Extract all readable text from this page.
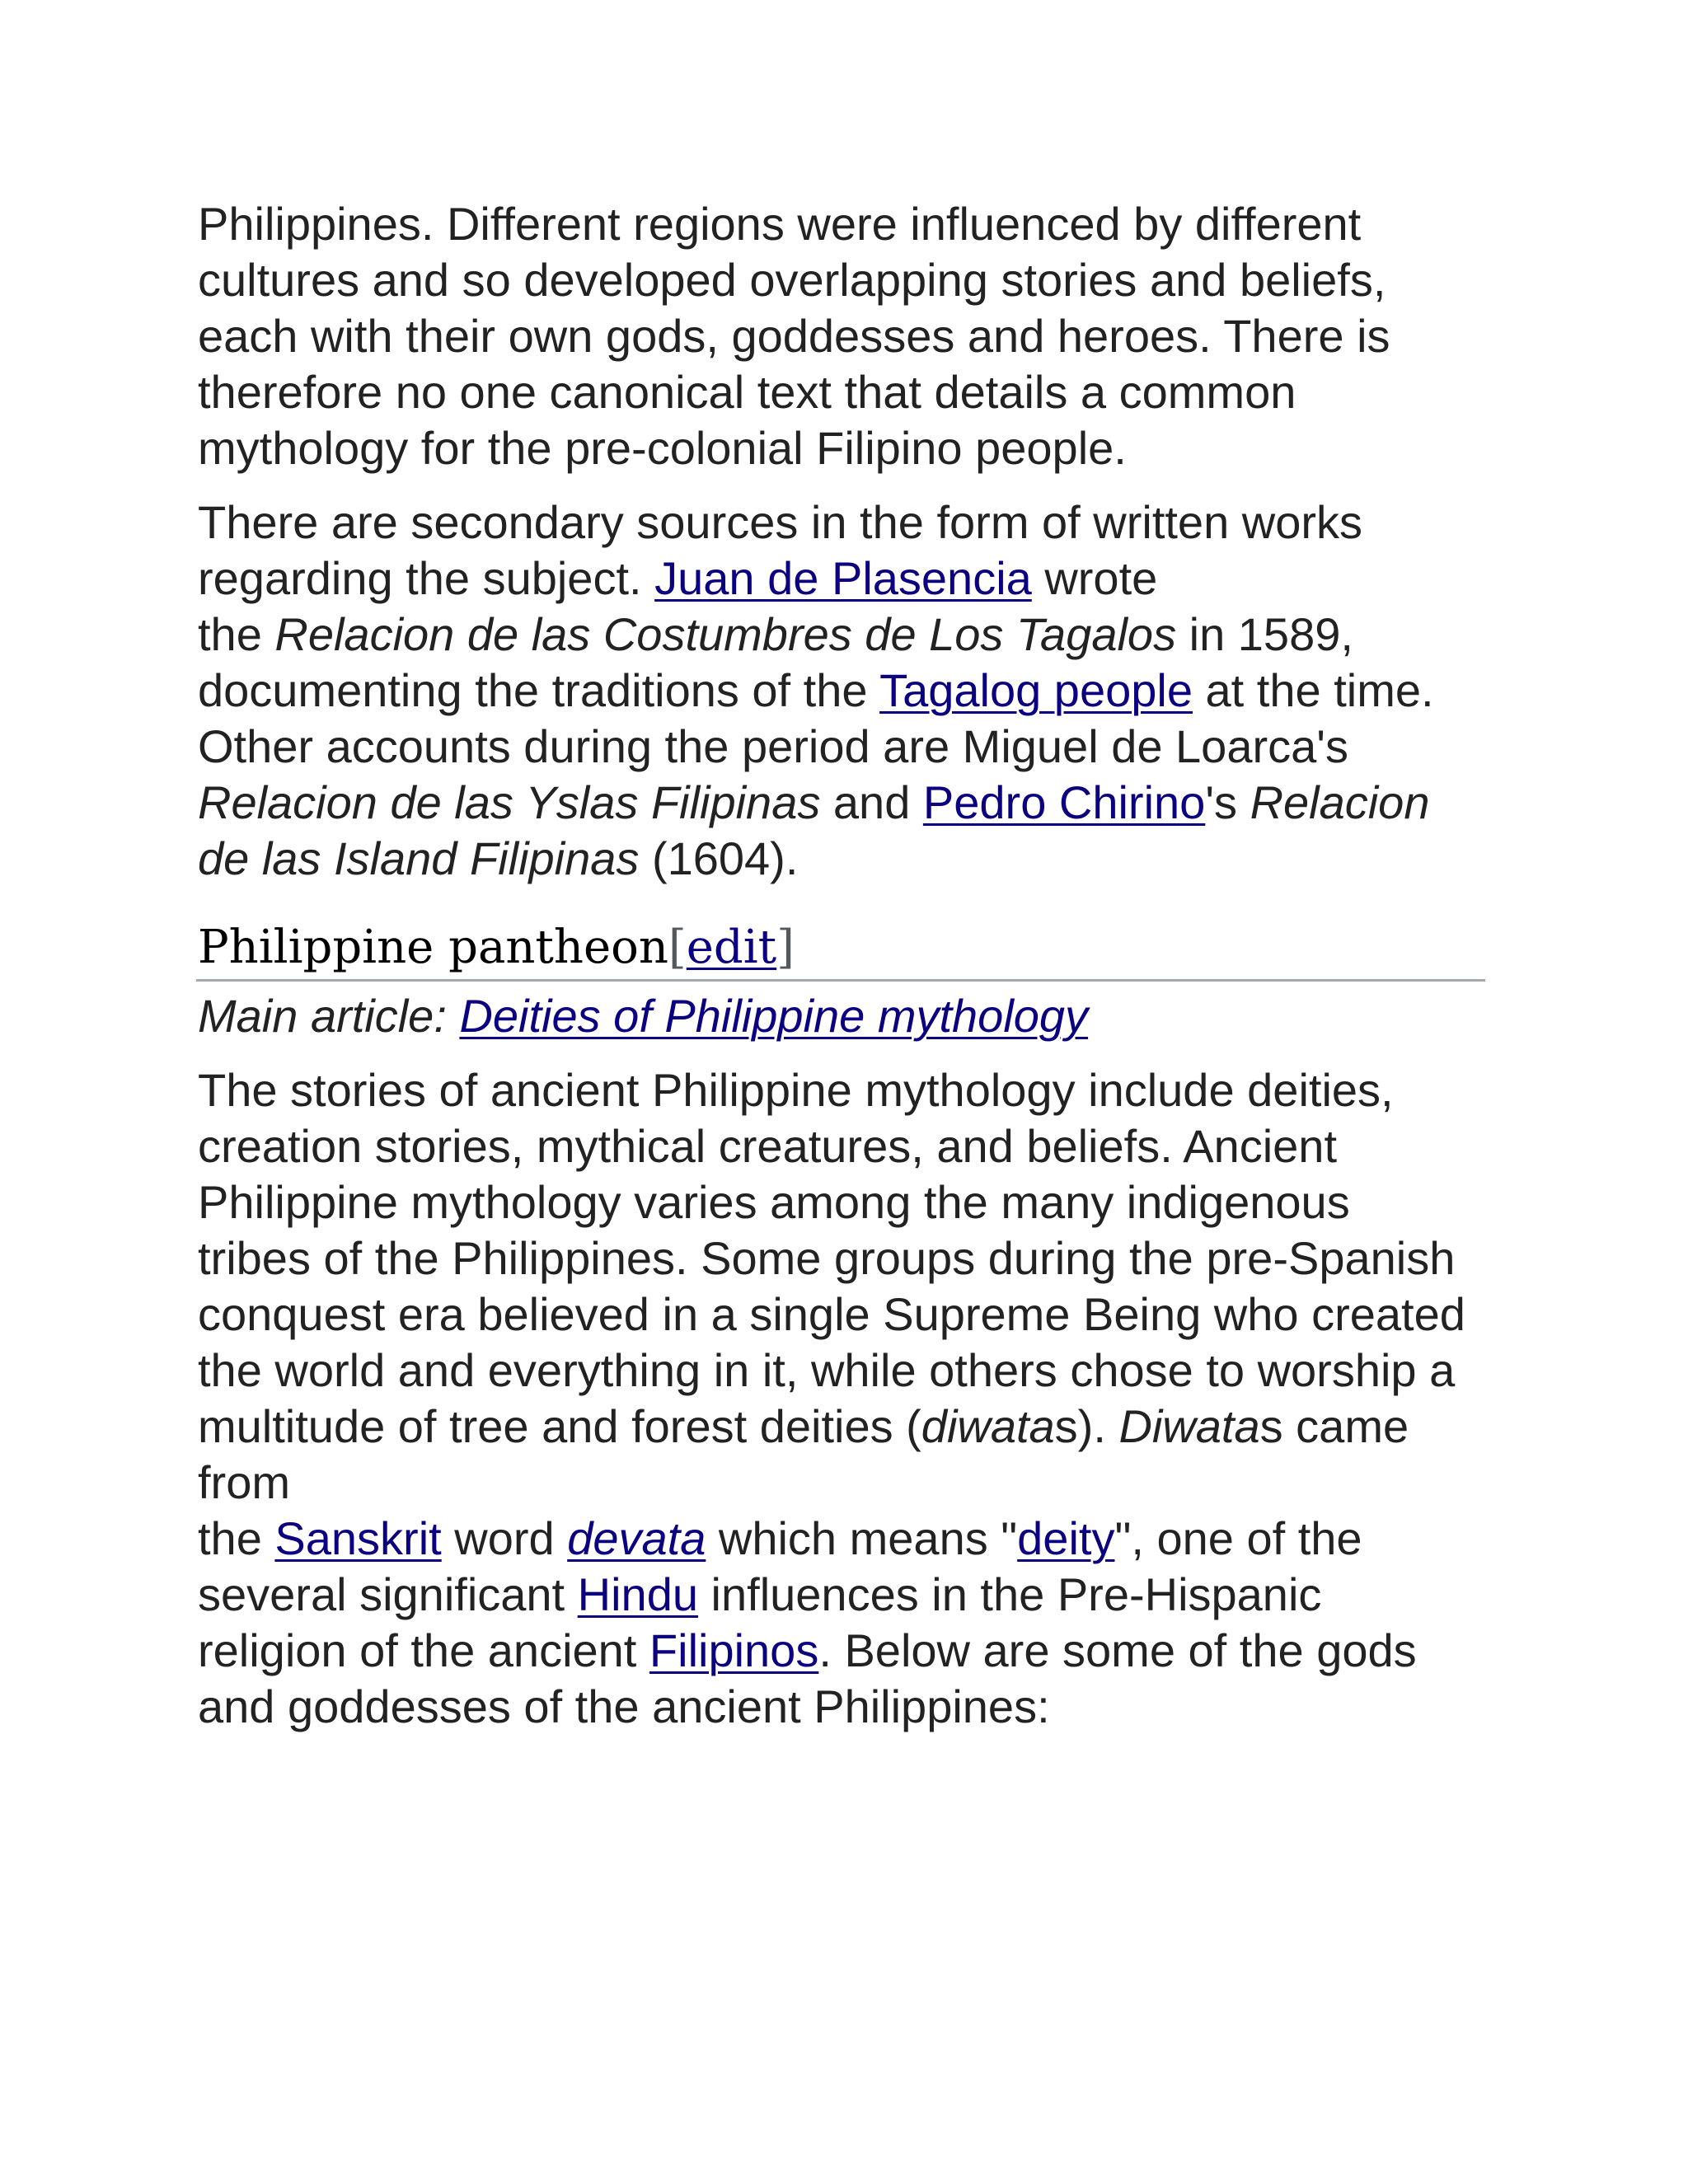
Philippines. Different regions were influenced by different cultures and so developed overlapping stories and beliefs, each with their own gods, goddesses and heroes. There is therefore no one canonical text that details a common mythology for the pre-colonial Filipino people.

There are secondary sources in the form of written works regarding the subject. Juan de Plasencia wrote
the Relacion de las Costumbres de Los Tagalos in 1589, documenting the traditions of the Tagalog people at the time. Other accounts during the period are Miguel de Loarca's Relacion de las Yslas Filipinas and Pedro Chirino's Relacion de las Island Filipinas (1604).

Philippine pantheon[edit]
Main article: Deities of Philippine mythology

The stories of ancient Philippine mythology include deities, creation stories, mythical creatures, and beliefs. Ancient Philippine mythology varies among the many indigenous tribes of the Philippines. Some groups during the pre-Spanish conquest era believed in a single Supreme Being who created the world and everything in it, while others chose to worship a multitude of tree and forest deities (diwatas). Diwatas came from
the Sanskrit word devata which means "deity", one of the several significant Hindu influences in the Pre-Hispanic religion of the ancient Filipinos. Below are some of the gods and goddesses of the ancient Philippines:
